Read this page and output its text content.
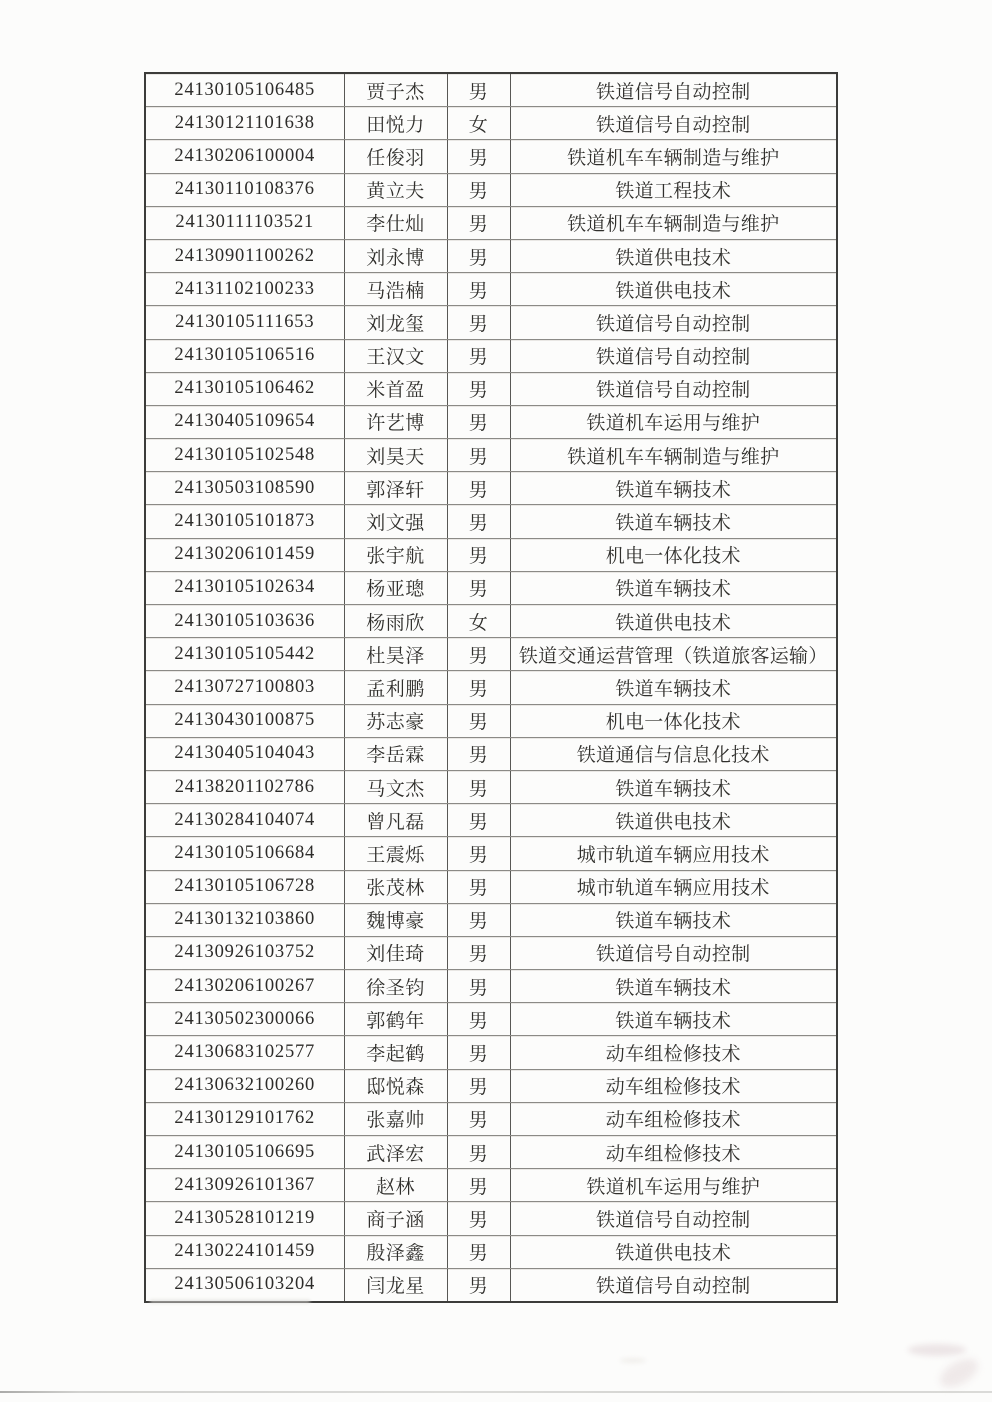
24130105106485	贾子杰	男	铁道信号自动控制
24130121101638	田悦力	女	铁道信号自动控制
24130206100004	任俊羽	男	铁道机车车辆制造与维护
24130110108376	黄立夫	男	铁道工程技术
24130111103521	李仕灿	男	铁道机车车辆制造与维护
24130901100262	刘永博	男	铁道供电技术
24131102100233	马浩楠	男	铁道供电技术
24130105111653	刘龙玺	男	铁道信号自动控制
24130105106516	王汉文	男	铁道信号自动控制
24130105106462	米首盈	男	铁道信号自动控制
24130405109654	许艺博	男	铁道机车运用与维护
24130105102548	刘昊天	男	铁道机车车辆制造与维护
24130503108590	郭泽轩	男	铁道车辆技术
24130105101873	刘文强	男	铁道车辆技术
24130206101459	张宇航	男	机电一体化技术
24130105102634	杨亚璁	男	铁道车辆技术
24130105103636	杨雨欣	女	铁道供电技术
24130105105442	杜昊泽	男	铁道交通运营管理（铁道旅客运输）
24130727100803	孟利鹏	男	铁道车辆技术
24130430100875	苏志豪	男	机电一体化技术
24130405104043	李岳霖	男	铁道通信与信息化技术
24138201102786	马文杰	男	铁道车辆技术
24130284104074	曾凡磊	男	铁道供电技术
24130105106684	王震烁	男	城市轨道车辆应用技术
24130105106728	张茂林	男	城市轨道车辆应用技术
24130132103860	魏博豪	男	铁道车辆技术
24130926103752	刘佳琦	男	铁道信号自动控制
24130206100267	徐圣钧	男	铁道车辆技术
24130502300066	郭鹤年	男	铁道车辆技术
24130683102577	李起鹤	男	动车组检修技术
24130632100260	邸悦森	男	动车组检修技术
24130129101762	张嘉帅	男	动车组检修技术
24130105106695	武泽宏	男	动车组检修技术
24130926101367	赵林	男	铁道机车运用与维护
24130528101219	商子涵	男	铁道信号自动控制
24130224101459	殷泽鑫	男	铁道供电技术
24130506103204	闫龙星	男	铁道信号自动控制
